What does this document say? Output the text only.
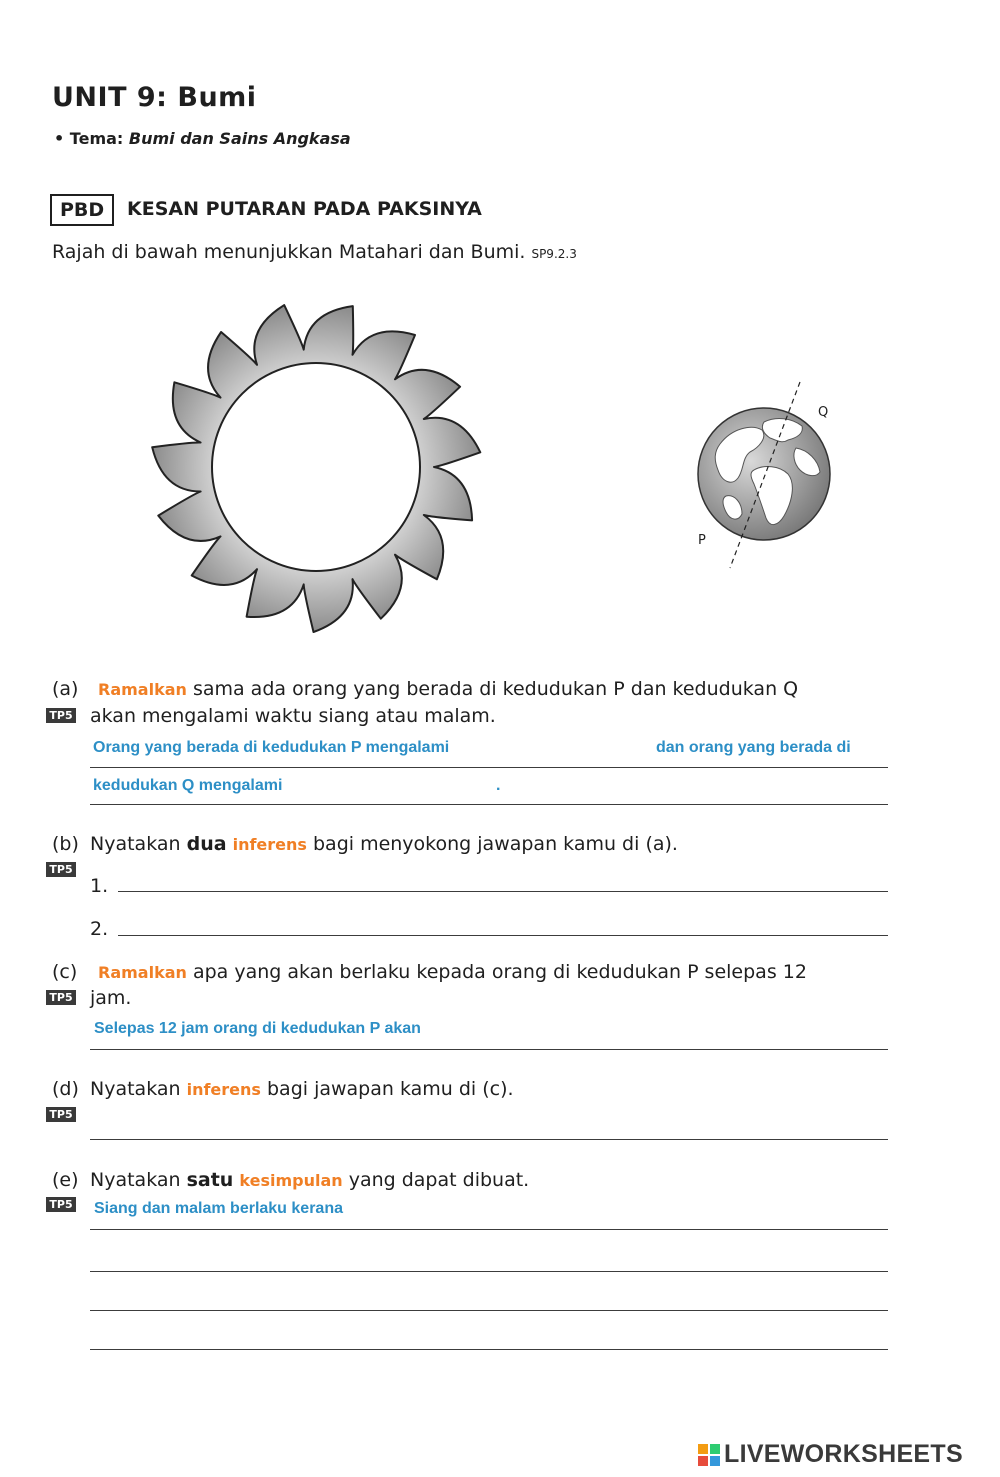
UNIT 9: Bumi
• Tema: Bumi dan Sains Angkasa
PBD	KESAN PUTARAN PADA PAKSINYA
Rajah di bawah menunjukkan Matahari dan Bumi. SP9.2.3
Q
P
(a) Ramalkan sama ada orang yang berada di kedudukan P dan kedudukan Q
TP5 akan mengalami waktu siang atau malam.
Orang yang berada di kedudukan P mengalami	dan orang yang berada di
kedudukan Q mengalami	.
(b) Nyatakan dua inferens bagi menyokong jawapan kamu di (a).
TP5
1.
2.
(c) Ramalkan apa yang akan berlaku kepada orang di kedudukan P selepas 12
TP5 jam.
Selepas 12 jam orang di kedudukan P akan
(d) Nyatakan inferens bagi jawapan kamu di (c).
TP5
(e) Nyatakan satu kesimpulan yang dapat dibuat.
TP5 Siang dan malam berlaku kerana
LIVEWORKSHEETS
